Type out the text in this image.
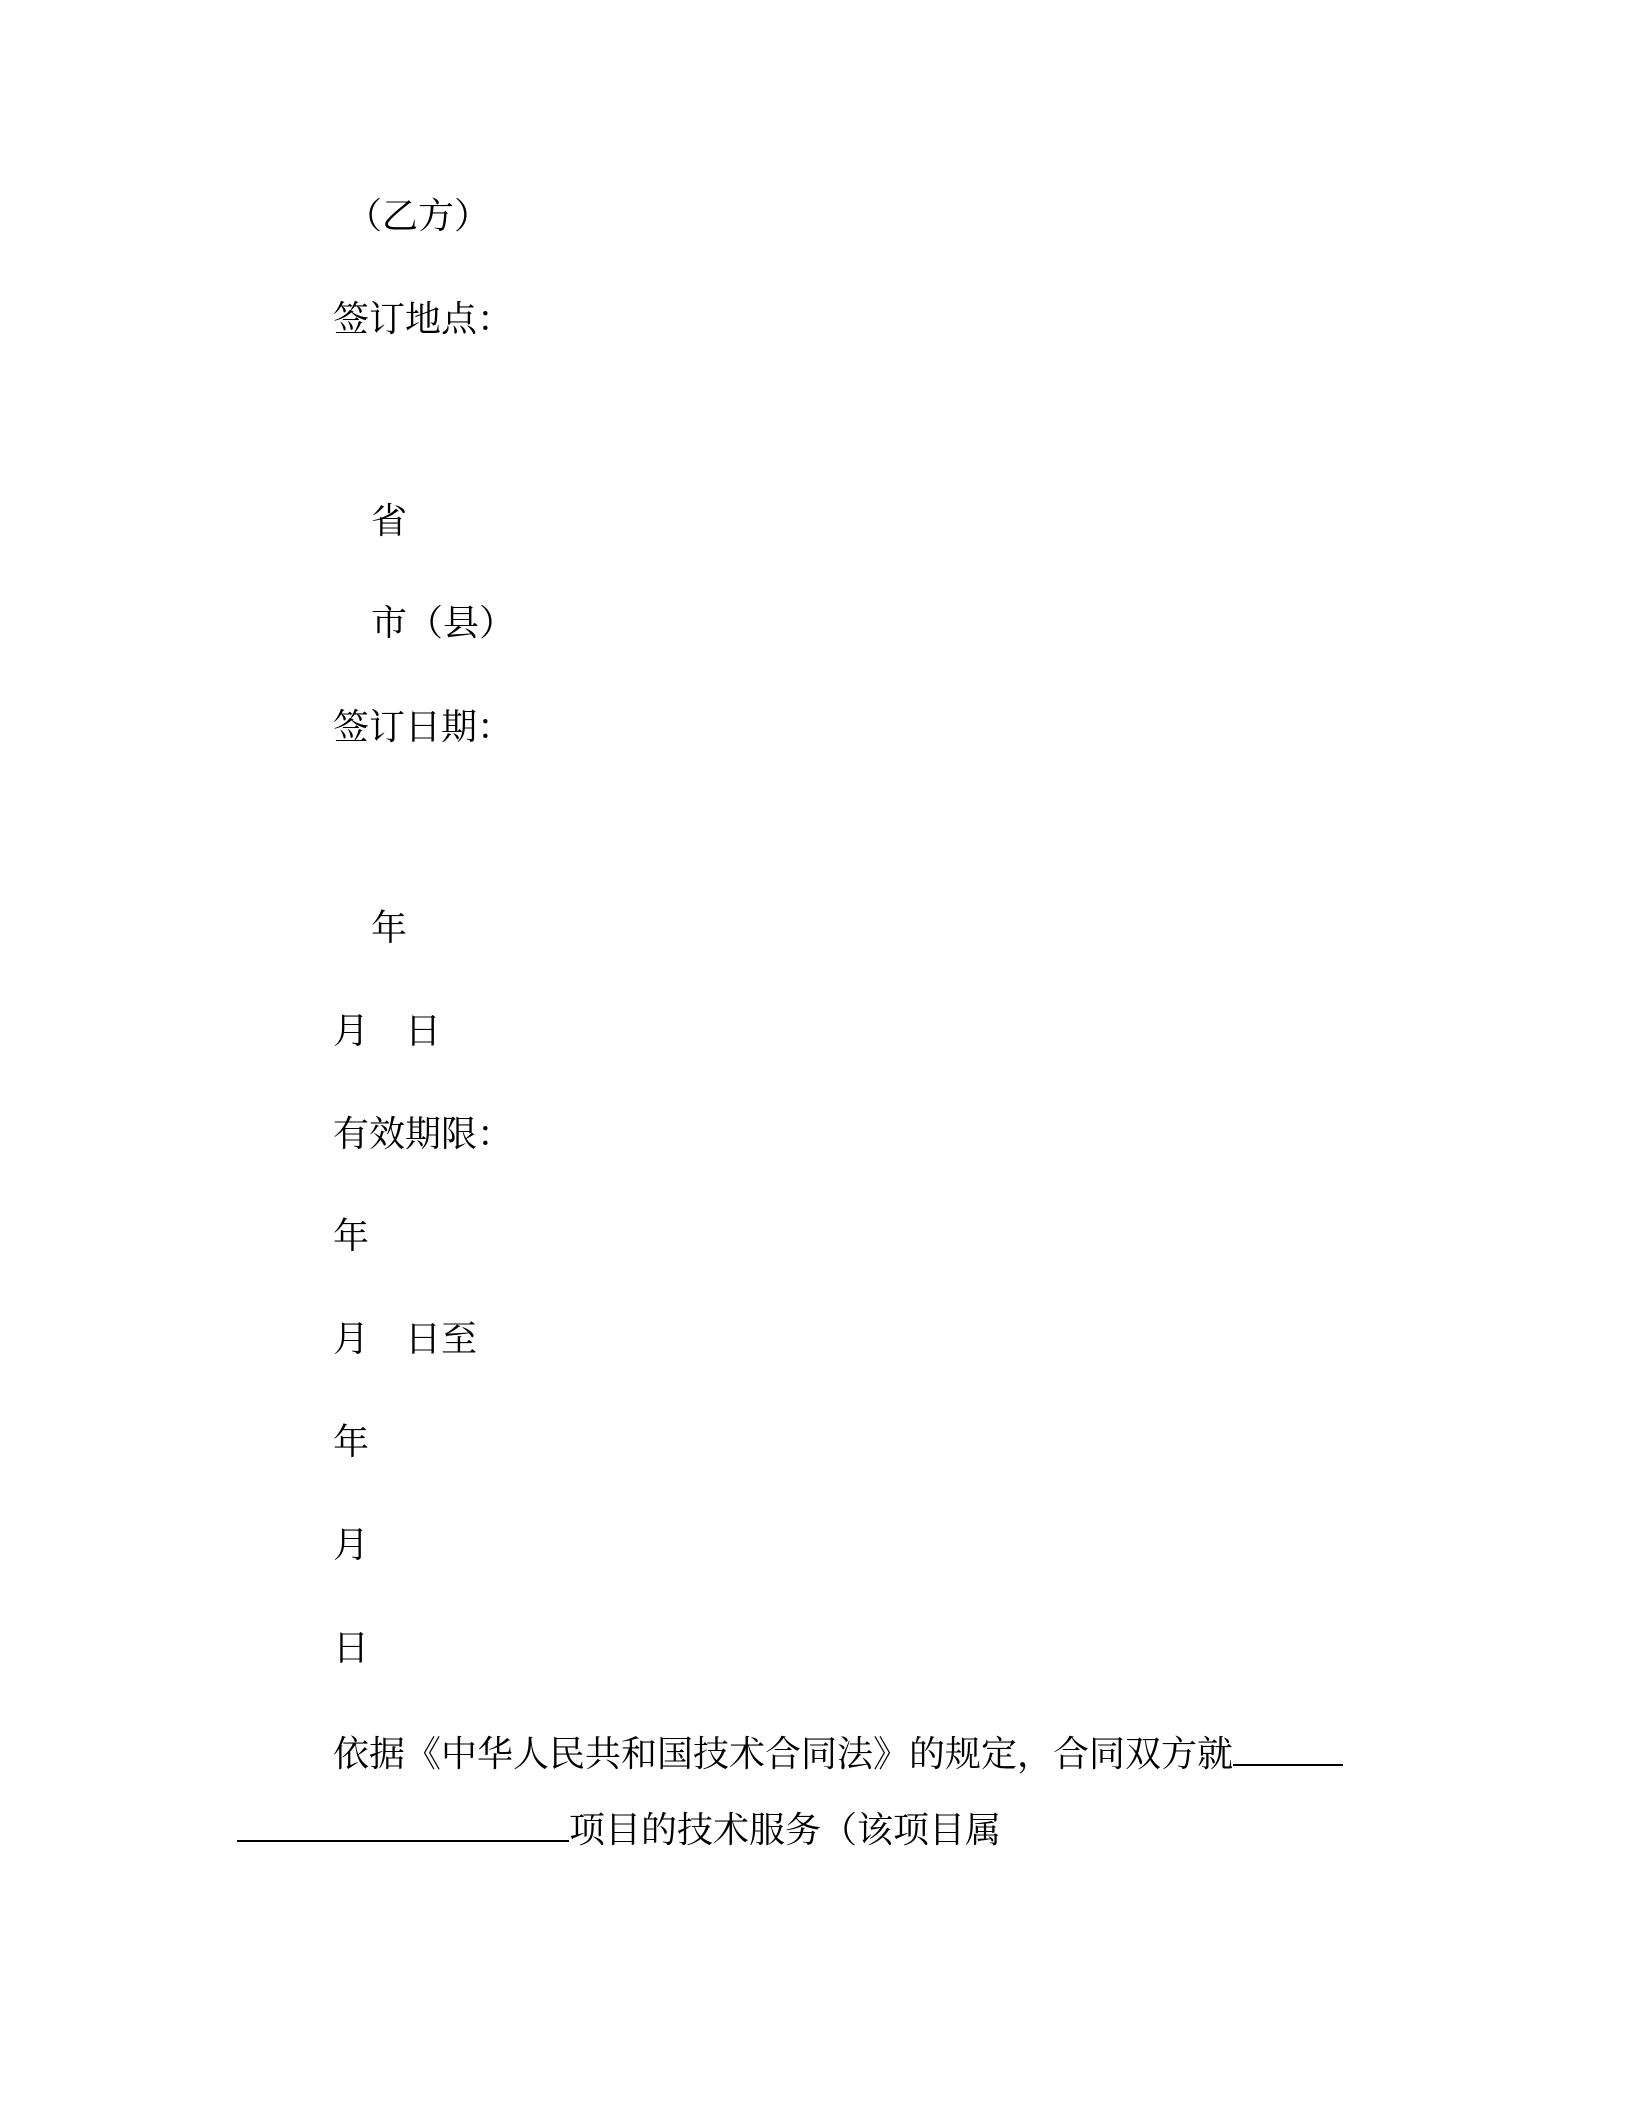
（乙方）
签订地点：
省
市（县）
签订日期：
年
月　日
有效期限：
年
月　日至
年
月
日
依据《中华人民共和国技术合同法》的规定，合同双方就
项目的技术服务（该项目属
